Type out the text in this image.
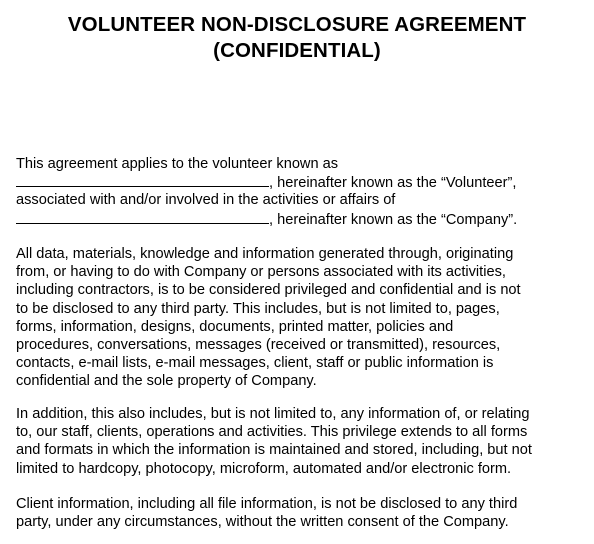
VOLUNTEER NON-DISCLOSURE AGREEMENT
(CONFIDENTIAL)
This agreement applies to the volunteer known as
, hereinafter known as the “Volunteer”,
associated with and/or involved in the activities or affairs of
, hereinafter known as the “Company”.
All data, materials, knowledge and information generated through, originating
from, or having to do with Company or persons associated with its activities,
including contractors, is to be considered privileged and confidential and is not
to be disclosed to any third party. This includes, but is not limited to, pages,
forms, information, designs, documents, printed matter, policies and
procedures, conversations, messages (received or transmitted), resources,
contacts, e-mail lists, e-mail messages, client, staff or public information is
confidential and the sole property of Company.
In addition, this also includes, but is not limited to, any information of, or relating
to, our staff, clients, operations and activities. This privilege extends to all forms
and formats in which the information is maintained and stored, including, but not
limited to hardcopy, photocopy, microform, automated and/or electronic form.
Client information, including all file information, is not be disclosed to any third
party, under any circumstances, without the written consent of the Company.
